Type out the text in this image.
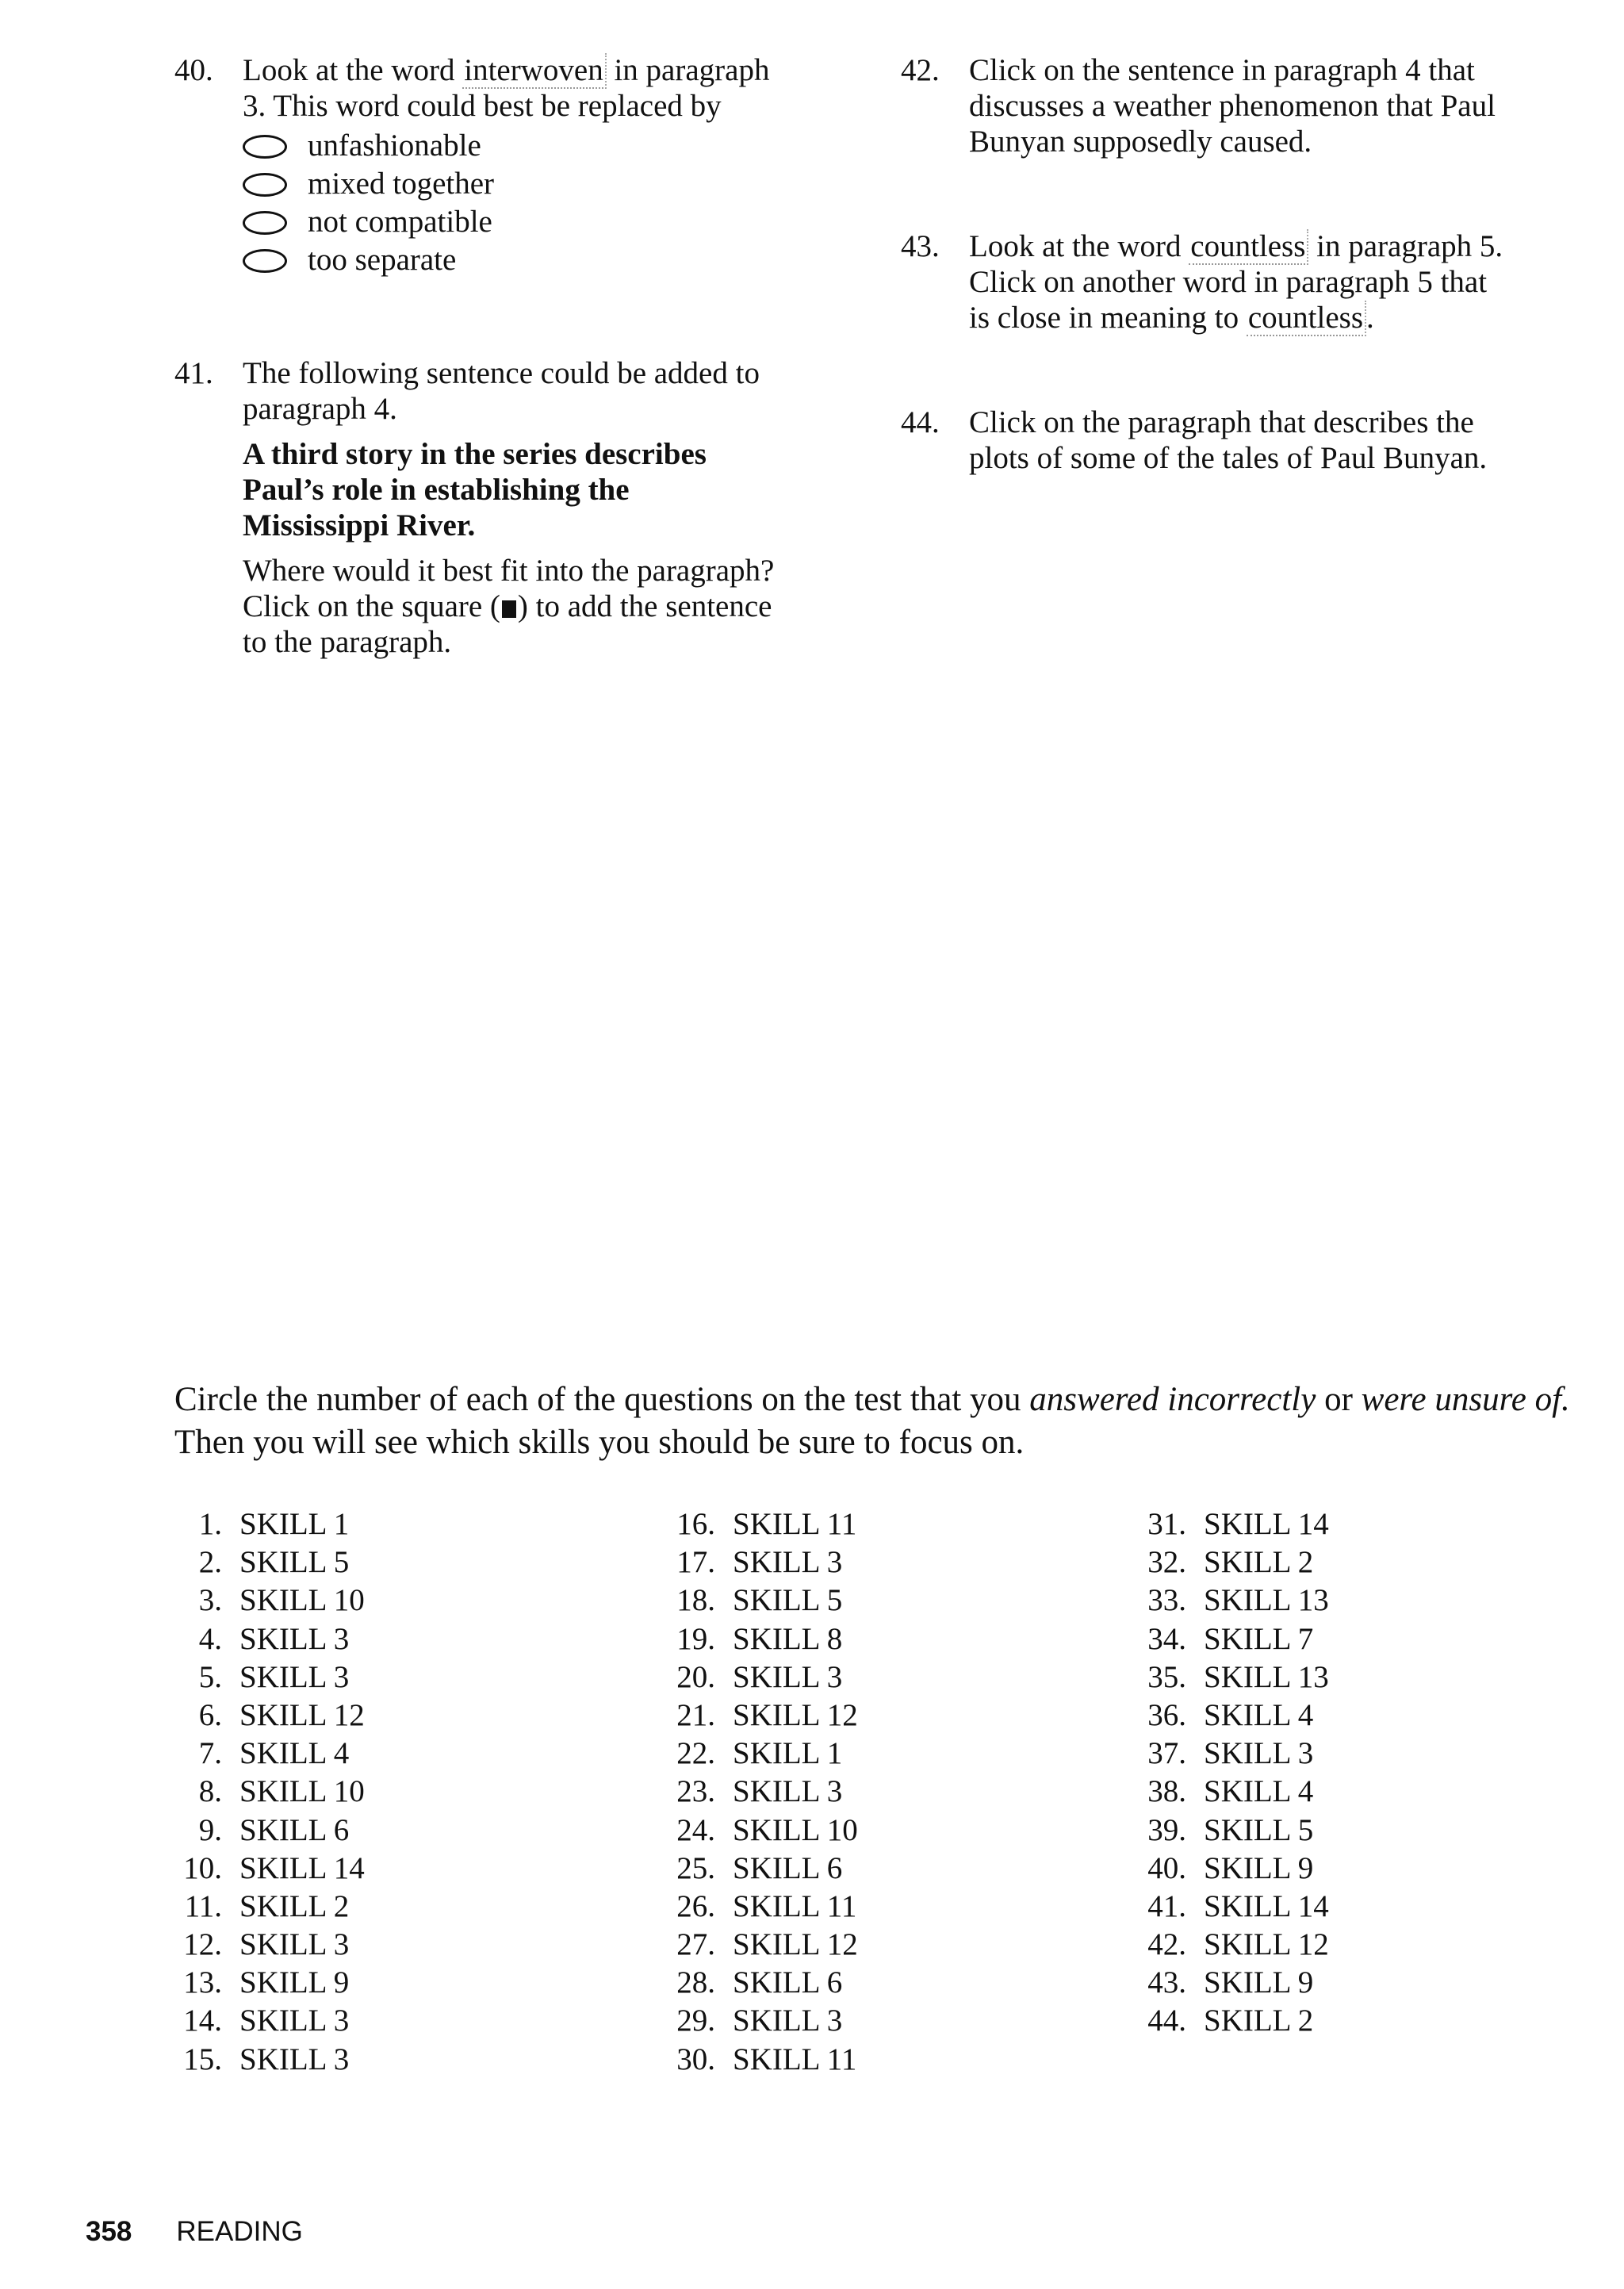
40. Look at the word interwoven in paragraph
3. This word could best be replaced by
unfashionable
mixed together
not compatible
too separate
41. The following sentence could be added to
paragraph 4.
A third story in the series describes
Paul’s role in establishing the
Mississippi River.
Where would it best fit into the paragraph?
Click on the square ( ) to add the sentence
to the paragraph.
42. Click on the sentence in paragraph 4 that
discusses a weather phenomenon that Paul
Bunyan supposedly caused.
43. Look at the word countless in paragraph 5.
Click on another word in paragraph 5 that
is close in meaning to countless .
44. Click on the paragraph that describes the
plots of some of the tales of Paul Bunyan.
Circle the number of each of the questions on the test that you answered incorrectly or were unsure of. Then you will see which skills you should be sure to focus on.
1. SKILL 1
2. SKILL 5
3. SKILL 10
4. SKILL 3
5. SKILL 3
6. SKILL 12
7. SKILL 4
8. SKILL 10
9. SKILL 6
10. SKILL 14
11. SKILL 2
12. SKILL 3
13. SKILL 9
14. SKILL 3
15. SKILL 3
16. SKILL 11
17. SKILL 3
18. SKILL 5
19. SKILL 8
20. SKILL 3
21. SKILL 12
22. SKILL 1
23. SKILL 3
24. SKILL 10
25. SKILL 6
26. SKILL 11
27. SKILL 12
28. SKILL 6
29. SKILL 3
30. SKILL 11
31. SKILL 14
32. SKILL 2
33. SKILL 13
34. SKILL 7
35. SKILL 13
36. SKILL 4
37. SKILL 3
38. SKILL 4
39. SKILL 5
40. SKILL 9
41. SKILL 14
42. SKILL 12
43. SKILL 9
44. SKILL 2
358 READING
